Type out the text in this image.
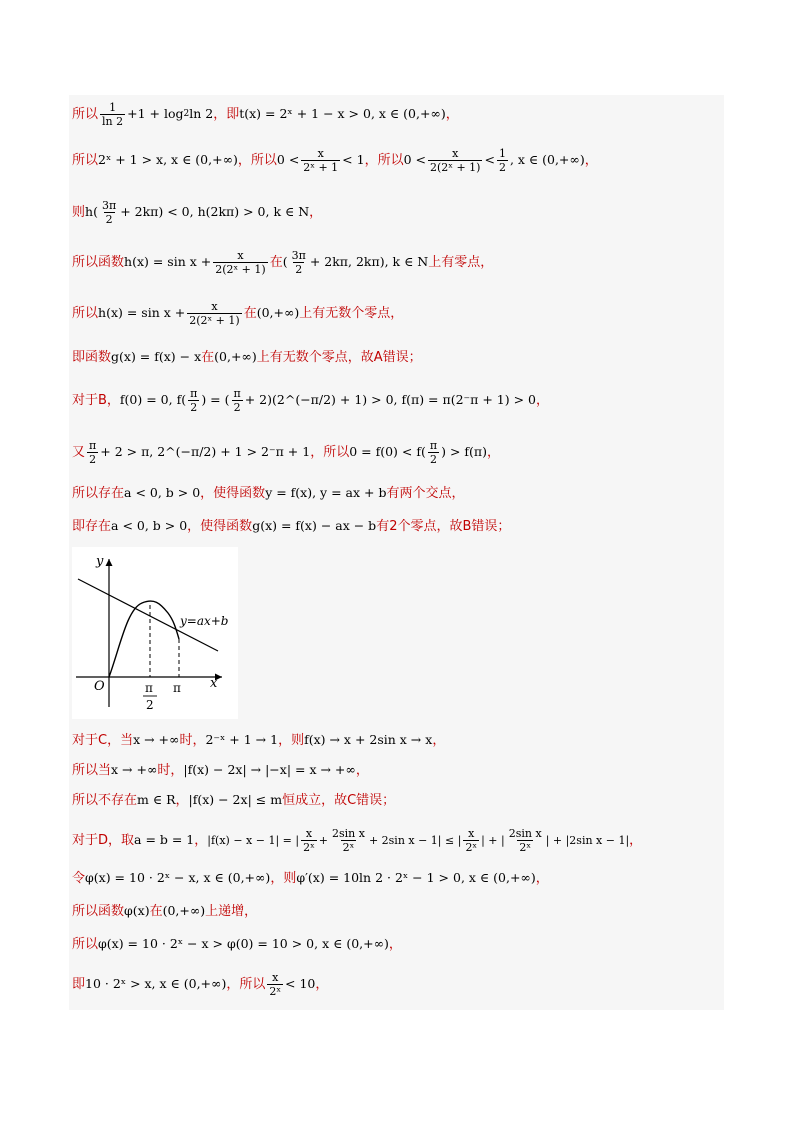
所以 $\frac{1}{\ln 2} +1 + \log 2$ ln 2 ，即 t(x) = 2ˣ + 1 − x > 0, x ∈ (0,+∞) ，
所以 2ˣ + 1 > x, x ∈ (0,+∞) ，所以 $0 < \frac{x}{\text{2ˣ + 1}} < 1$ ，所以 $0 < \frac{x}{\text{2(2ˣ + 1)}} < \frac{1}{2}$ , x ∈ (0,+∞) ，
则 $h( \frac{3\pi}{2} + 2k\pi) < 0$, h(2kπ) > 0, k ∈ N ，
所以函数 $h(x) = \sin x + \frac{x}{\text{2(2ˣ + 1)}}$ 在 ( $\frac{3\pi}{2} + 2k\pi$, 2kπ), k ∈ N 上有零点，
所以 $h(x) = \sin x + \frac{x}{\text{2(2ˣ + 1)}}$ 在 (0,+∞) 上有无数个零点，
即函数 g(x) = f(x) − x 在 (0,+∞) 上有无数个零点，故A错误；
对于B， f(0) = 0, $f( \frac{\pi}{2}$ ) = ( $\frac{\pi}{2}$ + 2)(2^(−π/2) + 1) > 0, f(π) = π(2⁻π + 1) > 0 ，
又 $\frac{\pi}{2} + 2 > \pi$, 2^(−π/2) + 1 > 2⁻π + 1 ，所以 $0 = f(0) < f( \frac{\pi}{2}$ ) > f(π) ，
所以存在 a < 0, b > 0 ，使得函数 y = f(x), y = ax + b 有两个交点，
即存在 a < 0, b > 0 ，使得函数 g(x) = f(x) − ax − b 有2个零点，故B错误；
y
x
O	π
2
π
y=ax+b
对于C，当 x → +∞ 时， 2⁻ˣ + 1 → 1 ，则 f(x) → x + 2sin x → x ，
所以当 x → +∞ 时， |f(x) − 2x| → |−x| = x → +∞ ，
所以不存在 m ∈ R ， |f(x) − 2x| ≤ m 恒成立，故C错误；
对于D，取 a = b = 1 ， |f(x) − x − 1| = | $\frac{x}{\text{2ˣ}} + \frac{\text{2sin x}}{\text{2ˣ}} + 2\sin$ x − 1| ≤ | $\frac{x}{\text{2ˣ}}$ | + | $\frac{\text{2sin x}}{\text{2ˣ}}$ | + |2sin x − 1| ，
令 φ(x) = 10 · 2ˣ − x, x ∈ (0,+∞) ，则 φ′(x) = 10ln 2 · 2ˣ − 1 > 0, x ∈ (0,+∞) ，
所以函数 φ(x) 在 (0,+∞) 上递增，
所以 φ(x) = 10 · 2ˣ − x > φ(0) = 10 > 0, x ∈ (0,+∞) ，
即 10 · 2ˣ > x, x ∈ (0,+∞) ，所以 $\frac{x}{\text{2ˣ}} < 10$ ，
